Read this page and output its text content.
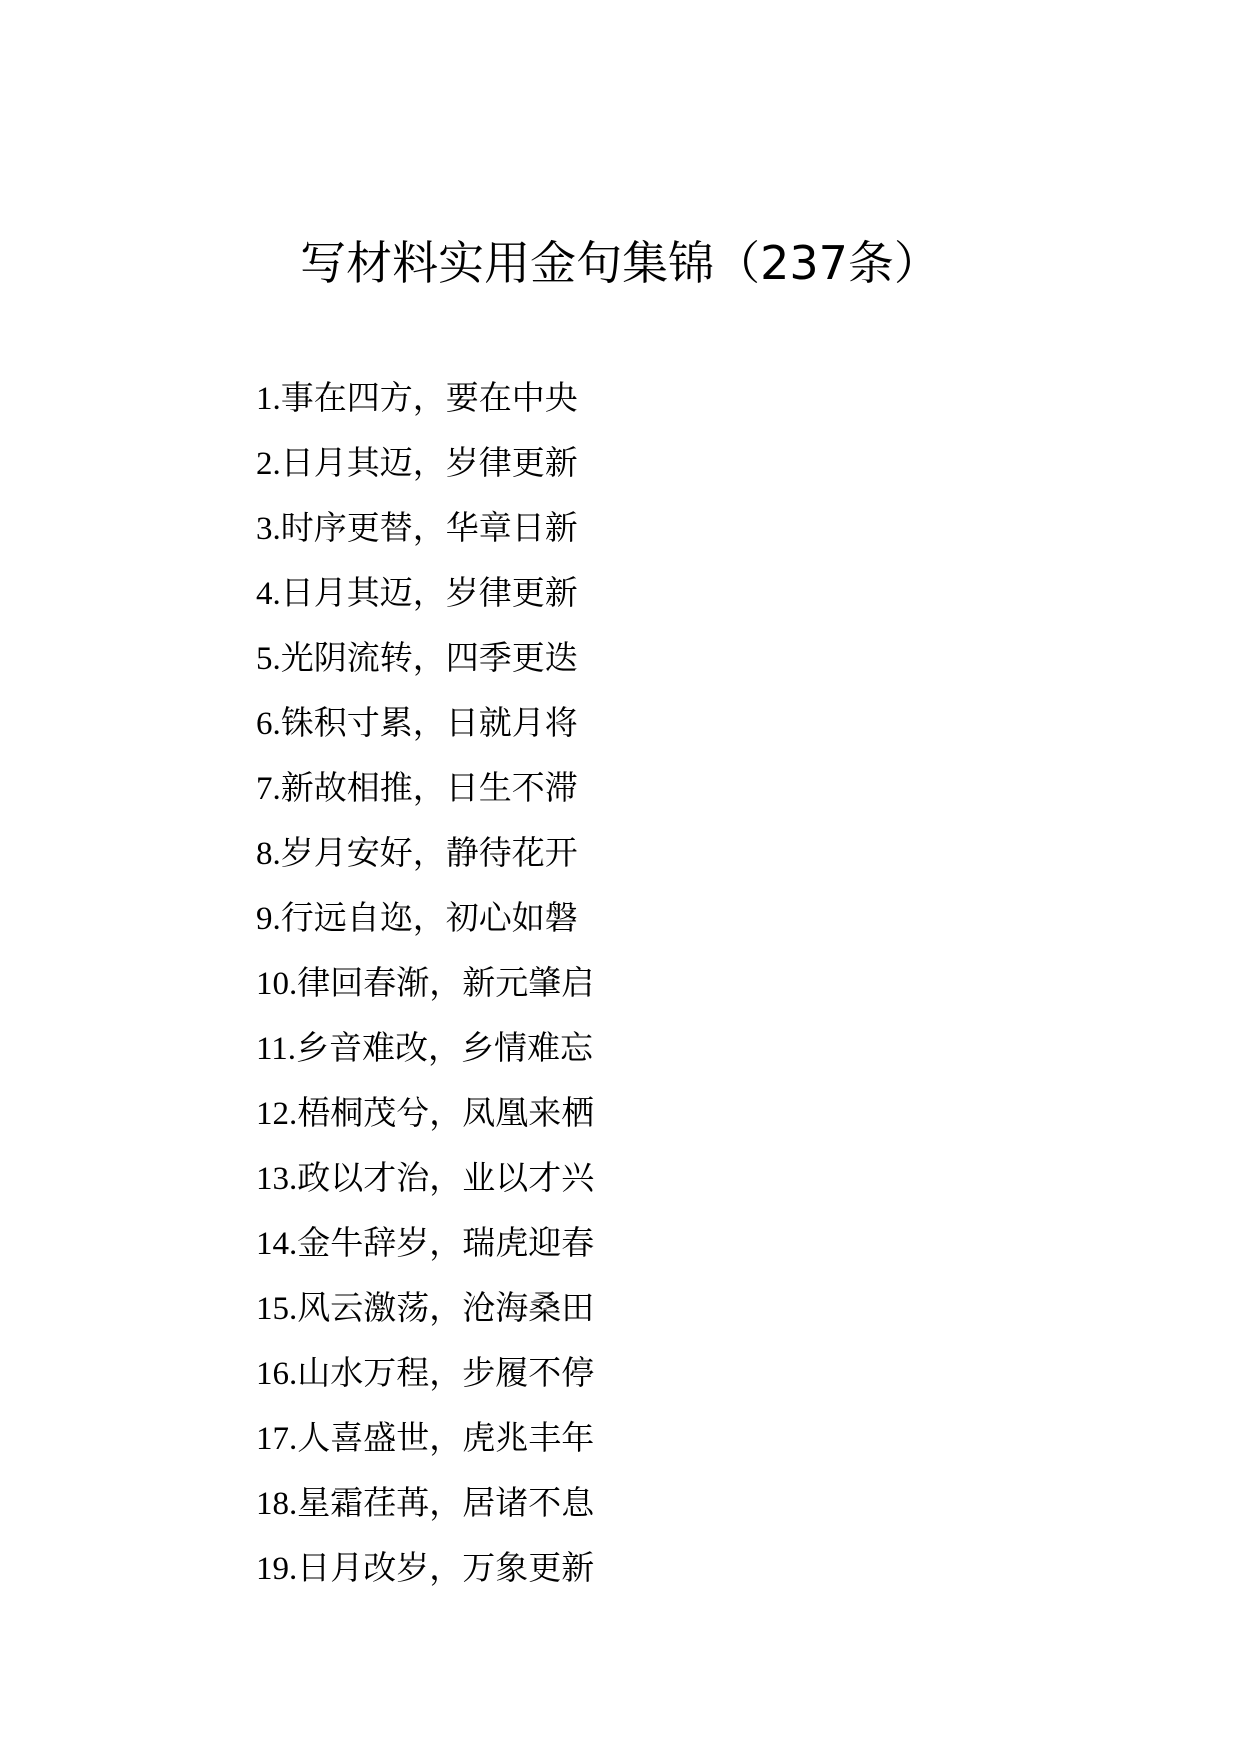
写材料实用金句集锦（237条）
1.事在四方，要在中央
2.日月其迈，岁律更新
3.时序更替，华章日新
4.日月其迈，岁律更新
5.光阴流转，四季更迭
6.铢积寸累，日就月将
7.新故相推，日生不滞
8.岁月安好，静待花开
9.行远自迩，初心如磐
10.律回春渐，新元肇启
11.乡音难改，乡情难忘
12.梧桐茂兮，凤凰来栖
13.政以才治，业以才兴
14.金牛辞岁，瑞虎迎春
15.风云激荡，沧海桑田
16.山水万程，步履不停
17.人喜盛世，虎兆丰年
18.星霜荏苒，居诸不息
19.日月改岁，万象更新
